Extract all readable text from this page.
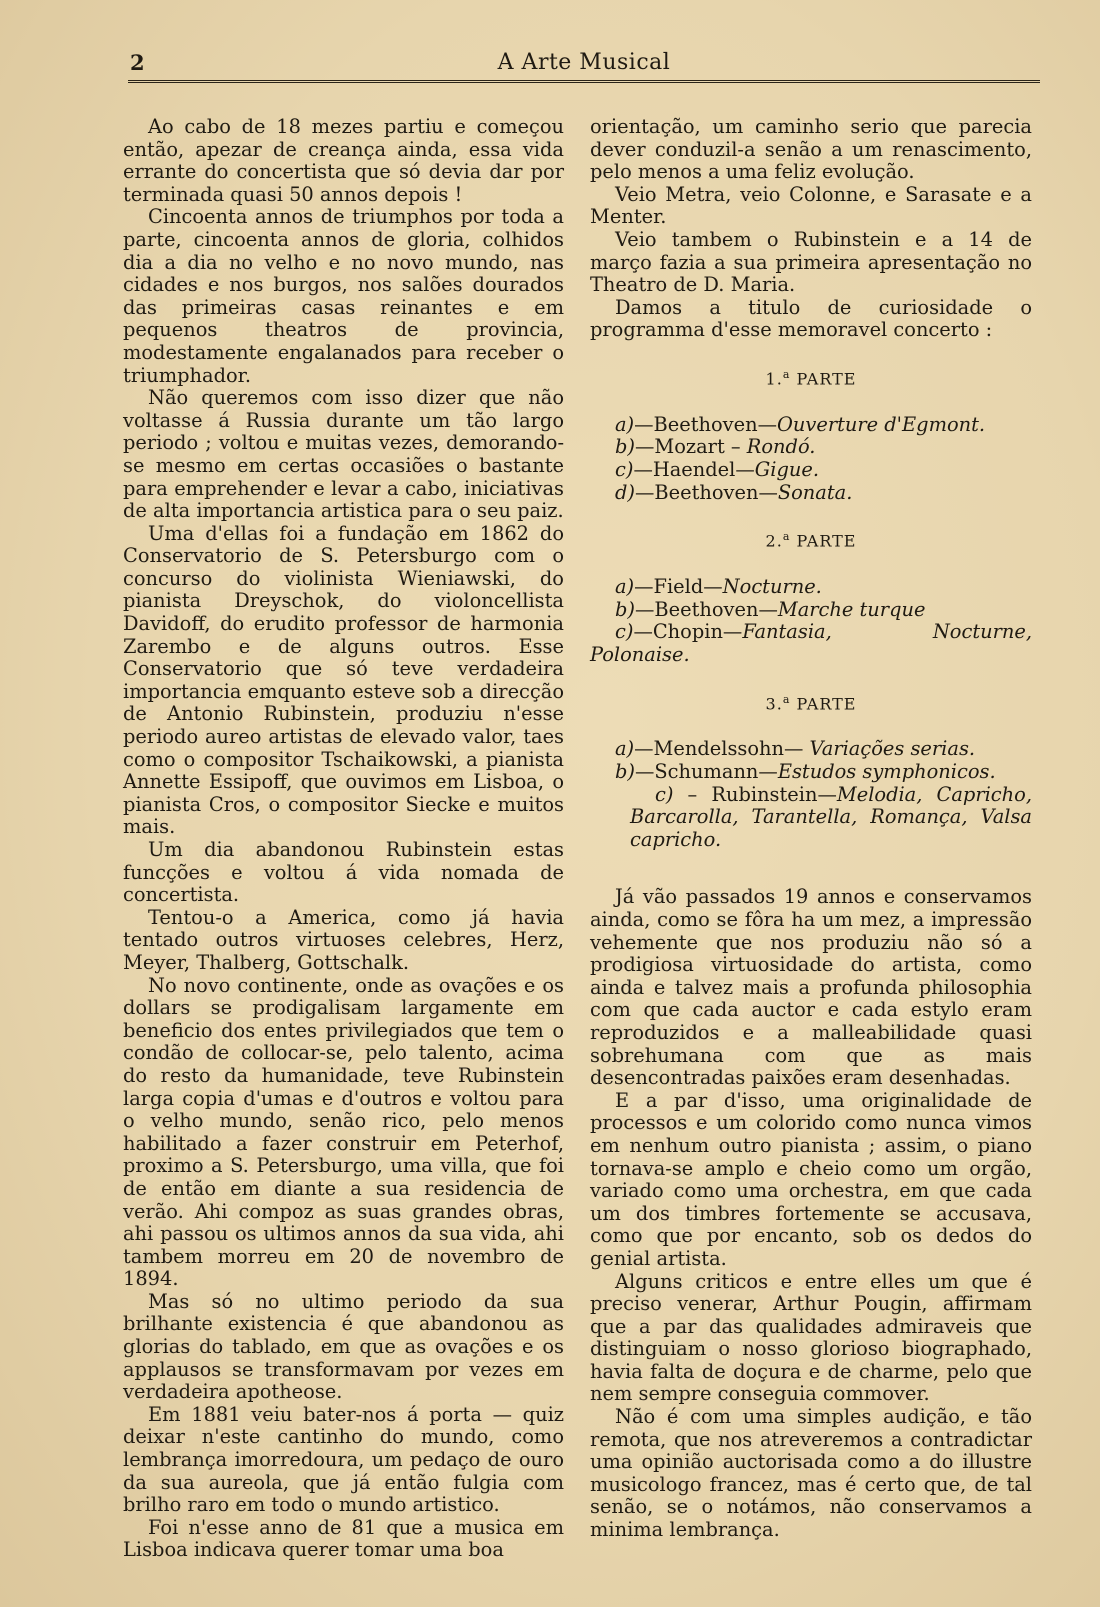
2	A Arte Musical

Ao cabo de 18 mezes partiu e começou então, apezar de creança ainda, essa vida errante do concertista que só devia dar por terminada quasi 50 annos depois !

Cincoenta annos de triumphos por toda a parte, cincoenta annos de gloria, colhidos dia a dia no velho e no novo mundo, nas cidades e nos burgos, nos salões dourados das primeiras casas reinantes e em pequenos theatros de provincia, modestamente engalanados para receber o triumphador.

Não queremos com isso dizer que não voltasse á Russia durante um tão largo periodo ; voltou e muitas vezes, demorando-se mesmo em certas occasiões o bastante para emprehender e levar a cabo, iniciativas de alta importancia artistica para o seu paiz.

Uma d'ellas foi a fundação em 1862 do Conservatorio de S. Petersburgo com o concurso do violinista Wieniawski, do pianista Dreyschok, do violoncellista Davidoff, do erudito professor de harmonia Zarembo e de alguns outros. Esse Conservatorio que só teve verdadeira importancia emquanto esteve sob a direcção de Antonio Rubinstein, produziu n'esse periodo aureo artistas de elevado valor, taes como o compositor Tschaikowski, a pianista Annette Essipoff, que ouvimos em Lisboa, o pianista Cros, o compositor Siecke e muitos mais.

Um dia abandonou Rubinstein estas funcções e voltou á vida nomada de concertista.

Tentou-o a America, como já havia tentado outros virtuoses celebres, Herz, Meyer, Thalberg, Gottschalk.

No novo continente, onde as ovações e os dollars se prodigalisam largamente em beneficio dos entes privilegiados que tem o condão de collocar-se, pelo talento, acima do resto da humanidade, teve Rubinstein larga copia d'umas e d'outros e voltou para o velho mundo, senão rico, pelo menos habilitado a fazer construir em Peterhof, proximo a S. Petersburgo, uma villa, que foi de então em diante a sua residencia de verão. Ahi compoz as suas grandes obras, ahi passou os ultimos annos da sua vida, ahi tambem morreu em 20 de novembro de 1894.

Mas só no ultimo periodo da sua brilhante existencia é que abandonou as glorias do tablado, em que as ovações e os applausos se transformavam por vezes em verdadeira apotheose.

Em 1881 veiu bater-nos á porta — quiz deixar n'este cantinho do mundo, como lembrança imorredoura, um pedaço de ouro da sua aureola, que já então fulgia com brilho raro em todo o mundo artistico.

Foi n'esse anno de 81 que a musica em Lisboa indicava querer tomar uma boa

orientação, um caminho serio que parecia dever conduzil-a senão a um renascimento, pelo menos a uma feliz evolução.

Veio Metra, veio Colonne, e Sarasate e a Menter.

Veio tambem o Rubinstein e a 14 de março fazia a sua primeira apresentação no Theatro de D. Maria.

Damos a titulo de curiosidade o programma d'esse memoravel concerto :

1.$^a$ PARTE

a)—Beethoven—Ouverture d'Egmont.

b)—Mozart – Rondó.

c)—Haendel—Gigue.

d)—Beethoven—Sonata.

2.$^a$ PARTE

a)—Field—Nocturne.

b)—Beethoven—Marche turque

c)—Chopin—Fantasia, Nocturne, Polonaise.

3.$^a$ PARTE

a)—Mendelssohn— Variações serias.

b)—Schumann—Estudos symphonicos.

c) – Rubinstein—Melodia, Capricho, Barcarolla, Tarantella, Romança, Valsa capricho.

Já vão passados 19 annos e conservamos ainda, como se fôra ha um mez, a impressão vehemente que nos produziu não só a prodigiosa virtuosidade do artista, como ainda e talvez mais a profunda philosophia com que cada auctor e cada estylo eram reproduzidos e a malleabilidade quasi sobrehumana com que as mais desencontradas paixões eram desenhadas.

E a par d'isso, uma originalidade de processos e um colorido como nunca vimos em nenhum outro pianista ; assim, o piano tornava-se amplo e cheio como um orgão, variado como uma orchestra, em que cada um dos timbres fortemente se accusava, como que por encanto, sob os dedos do genial artista.

Alguns criticos e entre elles um que é preciso venerar, Arthur Pougin, affirmam que a par das qualidades admiraveis que distinguiam o nosso glorioso biographado, havia falta de doçura e de charme, pelo que nem sempre conseguia commover.

Não é com uma simples audição, e tão remota, que nos atreveremos a contradictar uma opinião auctorisada como a do illustre musicologo francez, mas é certo que, de tal senão, se o notámos, não conservamos a minima lembrança.
